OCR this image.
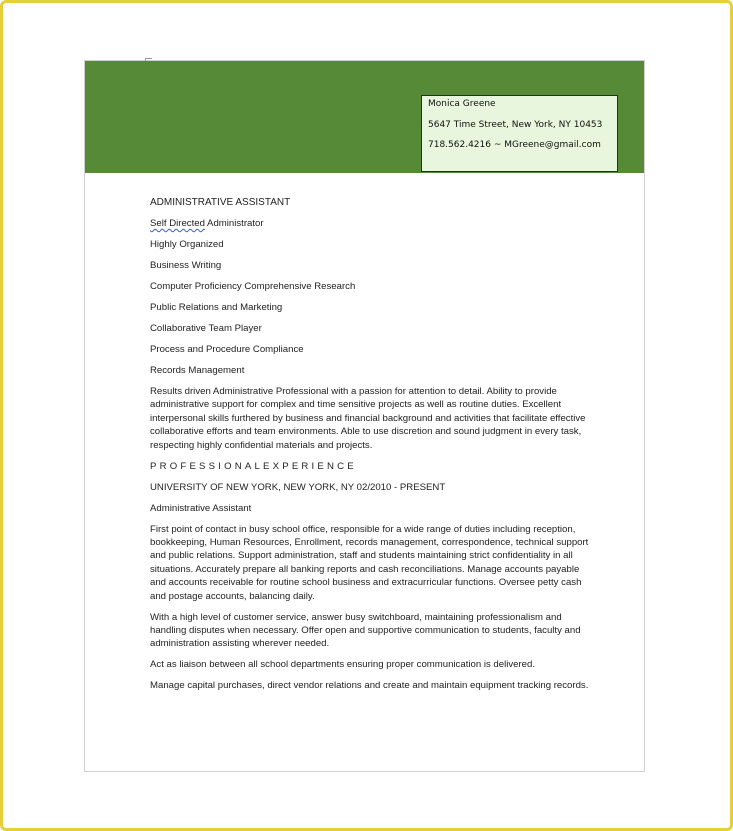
Monica Greene
5647 Time Street, New York, NY 10453
718.562.4216 ~ MGreene@gmail.com
ADMINISTRATIVE ASSISTANT
Self Directed Administrator
Highly Organized
Business Writing
Computer Proficiency Comprehensive Research
Public Relations and Marketing
Collaborative Team Player
Process and Procedure Compliance
Records Management
Results driven Administrative Professional with a passion for attention to detail. Ability to provide administrative support for complex and time sensitive projects as well as routine duties. Excellent interpersonal skills furthered by business and financial background and activities that facilitate effective collaborative efforts and team environments. Able to use discretion and sound judgment in every task, respecting highly confidential materials and projects.
PROFESSIONALEXPERIENCE
UNIVERSITY OF NEW YORK, NEW YORK, NY 02/2010 - PRESENT
Administrative Assistant
First point of contact in busy school office, responsible for a wide range of duties including reception, bookkeeping, Human Resources, Enrollment, records management, correspondence, technical support and public relations. Support administration, staff and students maintaining strict confidentiality in all situations. Accurately prepare all banking reports and cash reconciliations. Manage accounts payable and accounts receivable for routine school business and extracurricular functions. Oversee petty cash and postage accounts, balancing daily.
With a high level of customer service, answer busy switchboard, maintaining professionalism and handling disputes when necessary. Offer open and supportive communication to students, faculty and administration assisting wherever needed.
Act as liaison between all school departments ensuring proper communication is delivered.
Manage capital purchases, direct vendor relations and create and maintain equipment tracking records.
